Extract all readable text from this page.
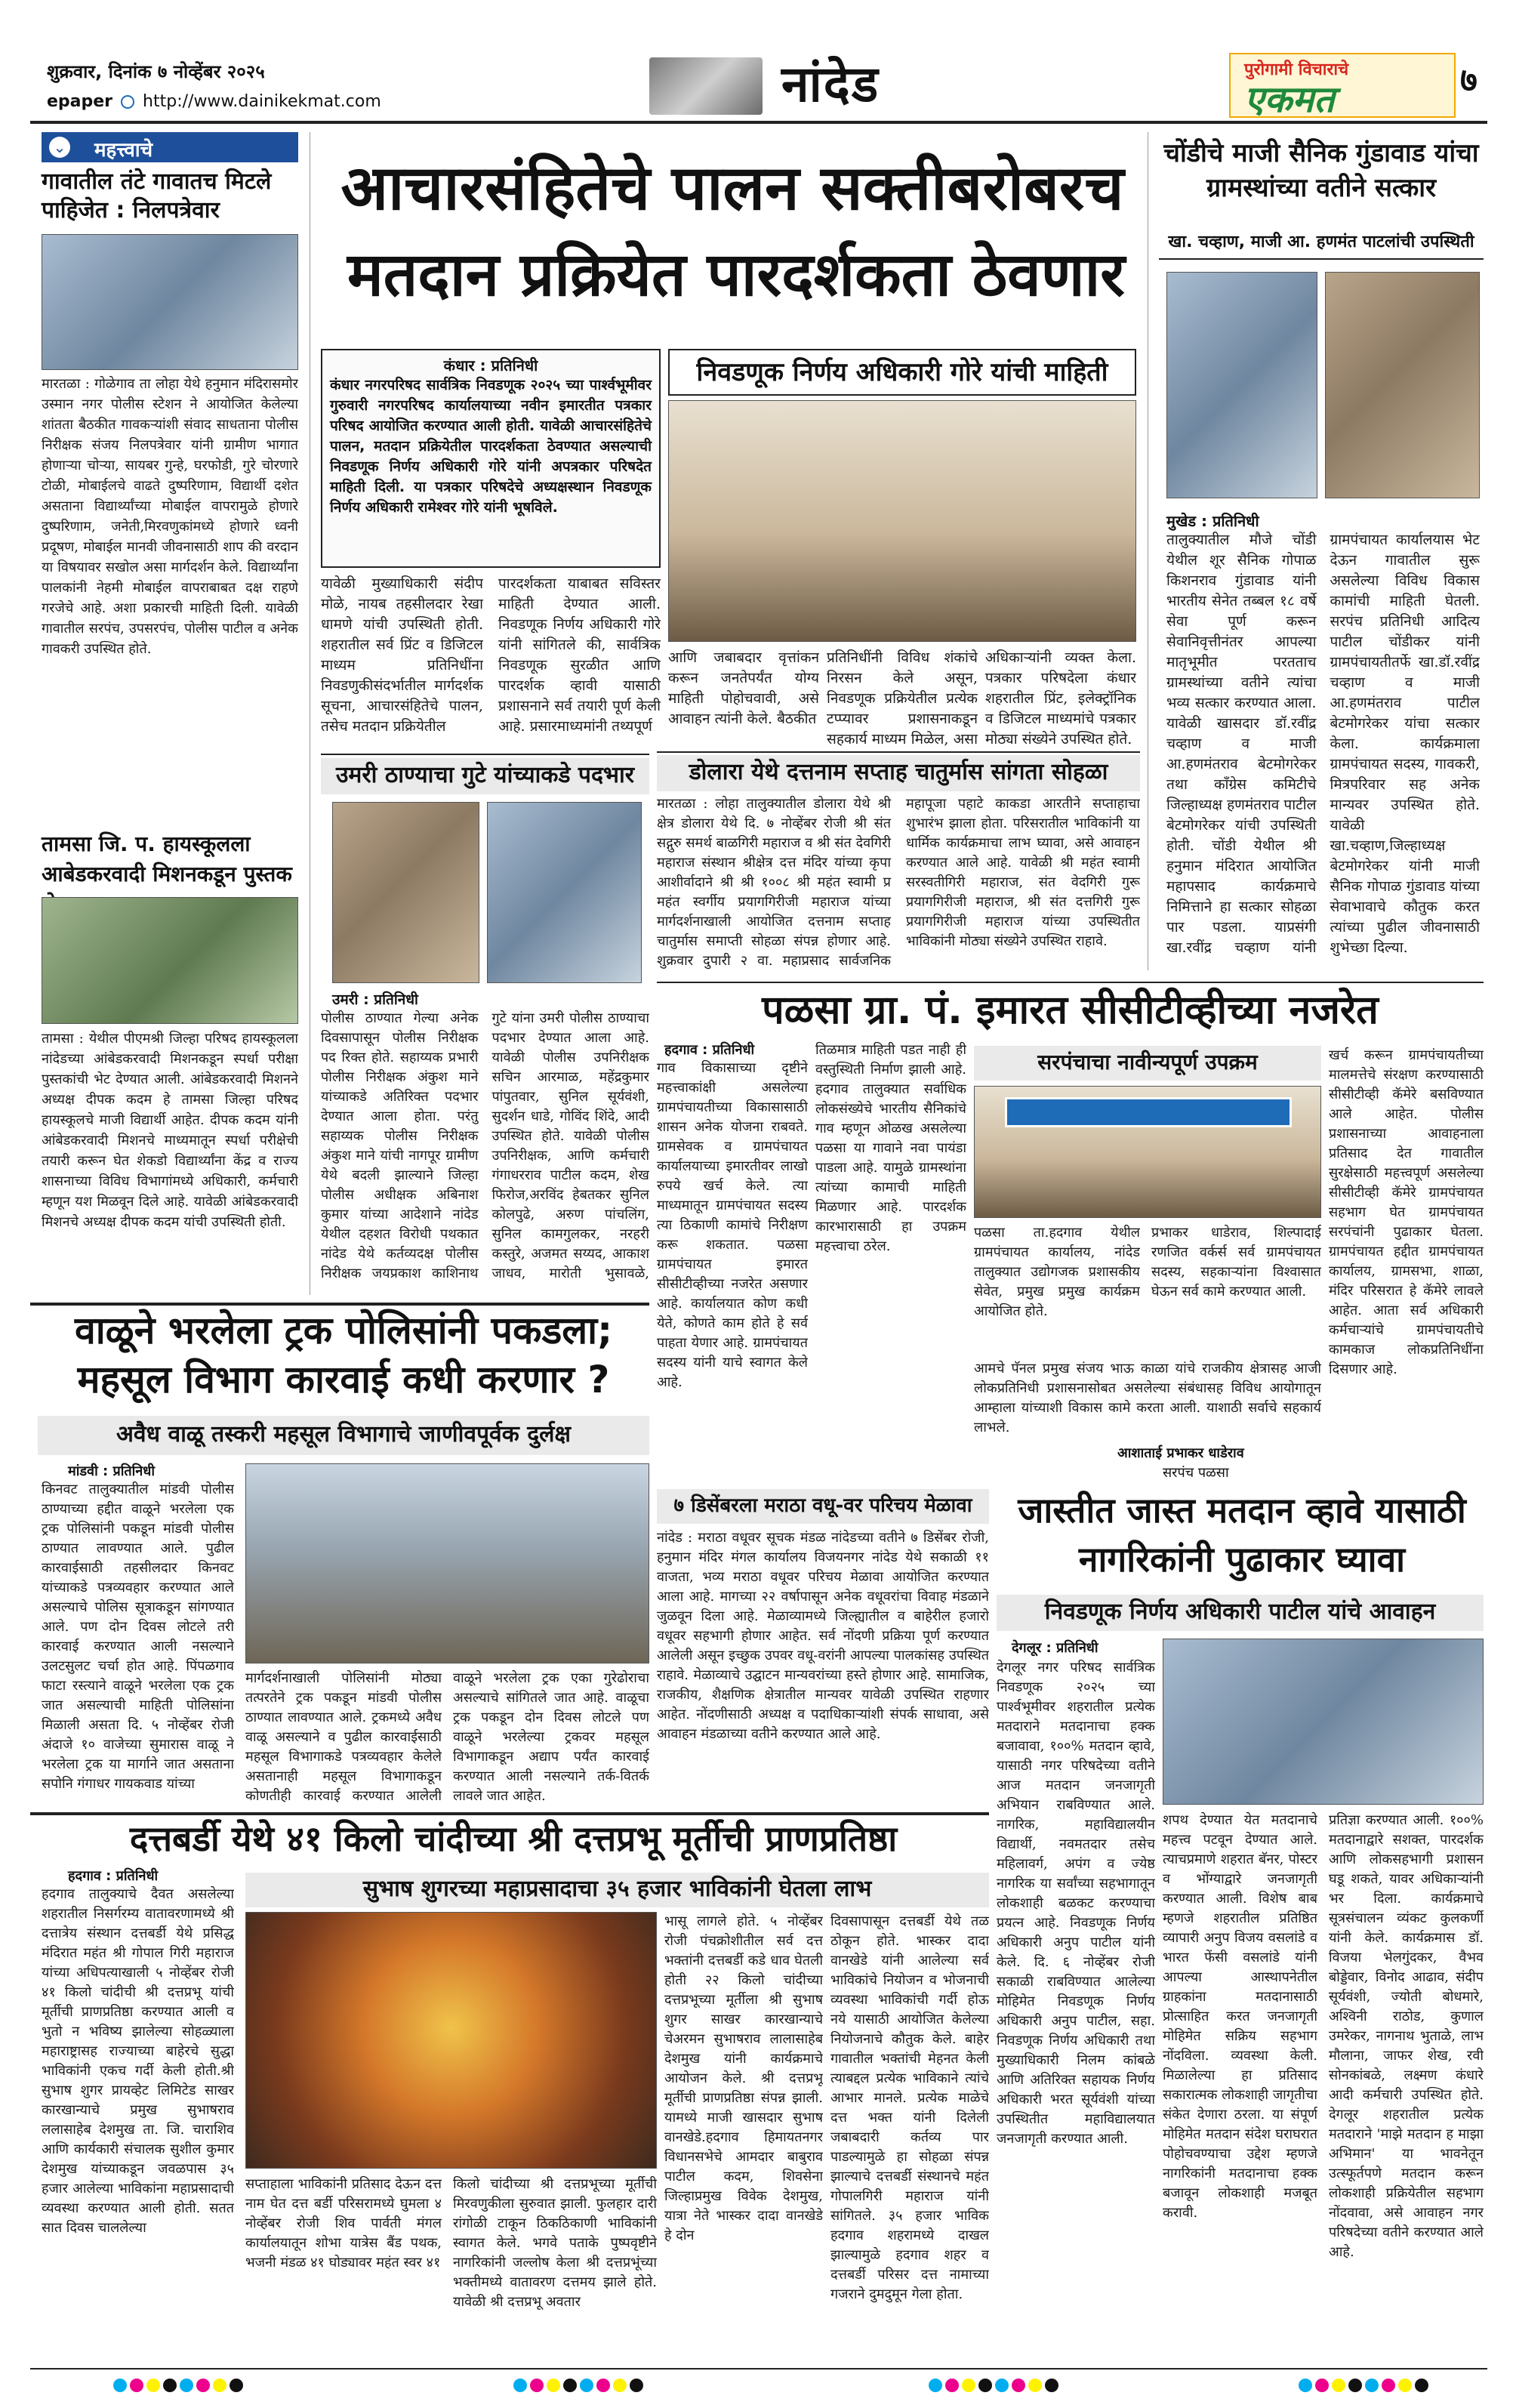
शुक्रवार, दिनांक ७ नोव्हेंबर २०२५
epaper http://www.dainikekmat.com	नांदेड	पुरोगामी विचाराचे
एकमत	७
⌄ महत्त्वाचे
गावातील तंटे गावातच मिटले पाहिजेत : निलपत्रेवार
मारतळा : गोळेगाव ता लोहा येथे हनुमान मंदिरासमोर उस्मान नगर पोलीस स्टेशन ने आयोजित केलेल्या शांतता बैठकीत गावकऱ्यांशी संवाद साधताना पोलीस निरीक्षक संजय निलपत्रेवार यांनी ग्रामीण भागात होणाऱ्या चोऱ्या, सायबर गुन्हे, घरफोडी, गुरे चोरणारे टोळी, मोबाईलचे वाढते दुष्परिणाम, विद्यार्थी दशेत असताना विद्यार्थ्यांच्या मोबाईल वापरामुळे होणारे दुष्परिणाम, जनेती,मिरवणुकांमध्ये होणारे ध्वनी प्रदूषण, मोबाईल मानवी जीवनासाठी शाप की वरदान या विषयावर सखोल असा मार्गदर्शन केले. विद्यार्थ्यांना पालकांनी नेहमी मोबाईल वापराबाबत दक्ष राहणे गरजेचे आहे. अशा प्रकारची माहिती दिली. यावेळी गावातील सरपंच, उपसरपंच, पोलीस पाटील व अनेक गावकरी उपस्थित होते.
तामसा जि. प. हायस्कूलला आबेडकरवादी मिशनकडून पुस्तक
तामसा : येथील पीएमश्री जिल्हा परिषद हायस्कूलला नांदेडच्या आंबेडकरवादी मिशनकडून स्पर्धा परीक्षा पुस्तकांची भेट देण्यात आली. आंबेडकरवादी मिशनने अध्यक्ष दीपक कदम हे तामसा जिल्हा परिषद हायस्कूलचे माजी विद्यार्थी आहेत. दीपक कदम यांनी आंबेडकरवादी मिशनचे माध्यमातून स्पर्धा परीक्षेची तयारी करून घेत शेकडो विद्यार्थ्यांना केंद्र व राज्य शासनाच्या विविध विभागांमध्ये अधिकारी, कर्मचारी म्हणून यश मिळवून दिले आहे. यावेळी आंबेडकरवादी मिशनचे अध्यक्ष दीपक कदम यांची उपस्थिती होती.
आचारसंहितेचे पालन सक्तीबरोबरच
मतदान प्रक्रियेत पारदर्शकता ठेवणार
कंधार : प्रतिनिधी
कंधार नगरपरिषद सार्वत्रिक निवडणूक २०२५ च्या पार्श्वभूमीवर गुरुवारी नगरपरिषद कार्यालयाच्या नवीन इमारतीत पत्रकार परिषद आयोजित करण्यात आली होती. यावेळी आचारसंहितेचे पालन, मतदान प्रक्रियेतील पारदर्शकता ठेवण्यात असल्याची निवडणूक निर्णय अधिकारी गोरे यांनी अपत्रकार परिषदेत माहिती दिली. या पत्रकार परिषदेचे अध्यक्षस्थान निवडणूक निर्णय अधिकारी रामेश्वर गोरे यांनी भूषविले.
निवडणूक निर्णय अधिकारी गोरे यांची माहिती
यावेळी मुख्याधिकारी संदीप मोळे, नायब तहसीलदार रेखा धामणे यांची उपस्थिती होती. शहरातील सर्व प्रिंट व डिजिटल माध्यम प्रतिनिधींना निवडणुकीसंदर्भातील मार्गदर्शक सूचना, आचारसंहितेचे पालन, तसेच मतदान प्रक्रियेतील
पारदर्शकता याबाबत सविस्तर माहिती देण्यात आली. निवडणूक निर्णय अधिकारी गोरे यांनी सांगितले की, सार्वत्रिक निवडणूक सुरळीत आणि पारदर्शक व्हावी यासाठी प्रशासनाने सर्व तयारी पूर्ण केली आहे. प्रसारमाध्यमांनी तथ्यपूर्ण
आणि जबाबदार वृत्तांकन करून जनतेपर्यंत योग्य माहिती पोहोचवावी, असे आवाहन त्यांनी केले. बैठकीत
प्रतिनिधींनी विविध शंकांचे निरसन केले असून, निवडणूक प्रक्रियेतील प्रत्येक टप्प्यावर प्रशासनाकडून सहकार्य माध्यम मिळेल, असा
अधिकाऱ्यांनी व्यक्त केला. पत्रकार परिषदेला कंधार शहरातील प्रिंट, इलेक्ट्रॉनिक व डिजिटल माध्यमांचे पत्रकार मोठ्या संख्येने उपस्थित होते.
चोंडीचे माजी सैनिक गुंडावाड यांचा ग्रामस्थांच्या वतीने सत्कार
खा. चव्हाण, माजी आ. हणमंत पाटलांची उपस्थिती
मुखेड : प्रतिनिधी
तालुक्यातील मौजे चोंडी येथील शूर सैनिक गोपाळ किशनराव गुंडावाड यांनी भारतीय सेनेत तब्बल १८ वर्षे सेवा पूर्ण करून सेवानिवृत्तीनंतर आपल्या मातृभूमीत परतताच ग्रामस्थांच्या वतीने त्यांचा भव्य सत्कार करण्यात आला. यावेळी खासदार डॉ.रवींद्र चव्हाण व माजी आ.हणमंतराव बेटमोगरेकर तथा काँग्रेस कमिटीचे जिल्हाध्यक्ष हणमंतराव पाटील बेटमोगरेकर यांची उपस्थिती होती. चोंडी येथील श्री हनुमान मंदिरात आयोजित महापसाद कार्यक्रमाचे निमित्ताने हा सत्कार सोहळा पार पडला. याप्रसंगी खा.रवींद्र चव्हाण यांनी ग्रामपंचायत कार्यालयास भेट देऊन गावातील सुरू असलेल्या विविध विकास कामांची माहिती घेतली. सरपंच प्रतिनिधी आदित्य पाटील चोंडीकर यांनी ग्रामपंचायतीतर्फे खा.डॉ.रवींद्र चव्हाण व माजी आ.हणमंतराव पाटील बेटमोगरेकर यांचा सत्कार केला. कार्यक्रमाला ग्रामपंचायत सदस्य, गावकरी, मित्रपरिवार सह अनेक मान्यवर उपस्थित होते. यावेळी खा.चव्हाण,जिल्हाध्यक्ष बेटमोगरेकर यांनी माजी सैनिक गोपाळ गुंडावाड यांच्या सेवाभावाचे कौतुक करत त्यांच्या पुढील जीवनासाठी शुभेच्छा दिल्या.
डोलारा येथे दत्तनाम सप्ताह चातुर्मास सांगता सोहळा
मारतळा : लोहा तालुक्यातील डोलारा येथे श्री क्षेत्र डोलारा येथे दि. ७ नोव्हेंबर रोजी श्री संत सद्गुरु समर्थ बाळगिरी महाराज व श्री संत देवगिरी महाराज संस्थान श्रीक्षेत्र दत्त मंदिर यांच्या कृपा आशीर्वादाने श्री श्री १००८ श्री महंत स्वामी प्र महंत स्वर्गीय प्रयागगिरीजी महाराज यांच्या मार्गदर्शनाखाली आयोजित दत्तनाम सप्ताह चातुर्मास समाप्ती सोहळा संपन्न होणार आहे. शुक्रवार दुपारी २ वा. महाप्रसाद सार्वजनिक महापूजा पहाटे काकडा आरतीने सप्ताहाचा शुभारंभ झाला होता. परिसरातील भाविकांनी या धार्मिक कार्यक्रमाचा लाभ घ्यावा, असे आवाहन करण्यात आले आहे. यावेळी श्री महंत स्वामी सरस्वतीगिरी महाराज, संत वेदगिरी गुरू प्रयागगिरीजी महाराज, श्री संत दत्तगिरी गुरू प्रयागगिरीजी महाराज यांच्या उपस्थितीत भाविकांनी मोठ्या संख्येने उपस्थित राहावे.
उमरी ठाण्याचा गुटे यांच्याकडे पदभार
उमरी : प्रतिनिधी
पोलीस ठाण्यात गेल्या अनेक दिवसापासून पोलीस निरीक्षक पद रिक्त होते. सहाय्यक प्रभारी पोलीस निरीक्षक अंकुश माने यांच्याकडे अतिरिक्त पदभार देण्यात आला होता. परंतु सहाय्यक पोलीस निरीक्षक अंकुश माने यांची नागपूर ग्रामीण येथे बदली झाल्याने जिल्हा पोलीस अधीक्षक अबिनाश कुमार यांच्या आदेशाने नांदेड येथील दहशत विरोधी पथकात नांदेड येथे कर्तव्यदक्ष पोलीस निरीक्षक जयप्रकाश काशिनाथ गुटे यांना उमरी पोलीस ठाण्याचा पदभार देण्यात आला आहे. यावेळी पोलीस उपनिरीक्षक सचिन आरमाळ, महेंद्रकुमार पांपुतवार, सुनिल सूर्यवंशी, सुदर्शन धाडे, गोविंद शिंदे, आदी उपस्थित होते. यावेळी पोलीस उपनिरीक्षक, आणि कर्मचारी गंगाधरराव पाटील कदम, शेख फिरोज,अरविंद हेबतकर सुनिल कोलपुढे, अरुण पांचलिंग, सुनिल कामगुलकर, नरहरी कस्तुरे, अजमत सय्यद, आकाश जाधव, मारोती भुसावळे,
पळसा ग्रा. पं. इमारत सीसीटीव्हीच्या नजरेत
हदगाव : प्रतिनिधी
गाव विकासाच्या दृष्टीने महत्त्वाकांक्षी असलेल्या ग्रामपंचायतीच्या विकासासाठी शासन अनेक योजना राबवते. ग्रामसेवक व ग्रामपंचायत कार्यालयाच्या इमारतीवर लाखो रुपये खर्च केले. त्या माध्यमातून ग्रामपंचायत सदस्य त्या ठिकाणी कामांचे निरीक्षण करू शकतात. पळसा ग्रामपंचायत इमारत सीसीटीव्हीच्या नजरेत असणार आहे. कार्यालयात कोण कधी येते, कोणते काम होते हे सर्व पाहता येणार आहे. ग्रामपंचायत सदस्य यांनी याचे स्वागत केले आहे.
तिळमात्र माहिती पडत नाही ही वस्तुस्थिती निर्माण झाली आहे. हदगाव तालुक्यात सर्वाधिक लोकसंख्येचे भारतीय सैनिकांचे गाव म्हणून ओळख असलेल्या पळसा या गावाने नवा पायंडा पाडला आहे. यामुळे ग्रामस्थांना त्यांच्या कामाची माहिती मिळणार आहे. पारदर्शक कारभारासाठी हा उपक्रम महत्त्वाचा ठरेल.
सरपंचाचा नावीन्यपूर्ण उपक्रम
पळसा ता.हदगाव येथील ग्रामपंचायत कार्यालय, नांदेड तालुक्यात उद्योगजक प्रशासकीय सेवेत, प्रमुख प्रमुख कार्यक्रम आयोजित होते.
प्रभाकर धाडेराव, शिल्पादाई रणजित वर्कर्स सर्व ग्रामपंचायत सदस्य, सहकाऱ्यांना विश्वासात घेऊन सर्व कामे करण्यात आली.
आमचे पॅनल प्रमुख संजय भाऊ काळा यांचे राजकीय क्षेत्रासह आजी लोकप्रतिनिधी प्रशासनासोबत असलेल्या संबंधासह विविध आयोगातून आम्हाला यांच्याशी विकास कामे करता आली. याशाठी सर्वाचे सहकार्य लाभले.
आशाताई प्रभाकर धाडेराव
सरपंच पळसा
खर्च करून ग्रामपंचायतीच्या मालमत्तेचे संरक्षण करण्यासाठी सीसीटीव्ही कॅमेरे बसविण्यात आले आहेत. पोलीस प्रशासनाच्या आवाहनाला प्रतिसाद देत गावातील सुरक्षेसाठी महत्त्वपूर्ण असलेल्या सीसीटीव्ही कॅमेरे ग्रामपंचायत सहभाग घेत ग्रामपंचायत सरपंचांनी पुढाकार घेतला. ग्रामपंचायत हद्दीत ग्रामपंचायत कार्यालय, ग्रामसभा, शाळा, मंदिर परिसरात हे कॅमेरे लावले आहेत. आता सर्व अधिकारी कर्मचाऱ्यांचे ग्रामपंचायतीचे कामकाज लोकप्रतिनिधींना दिसणार आहे.
वाळूने भरलेला ट्रक पोलिसांनी पकडला;
महसूल विभाग कारवाई कधी करणार ?
अवैध वाळू तस्करी महसूल विभागाचे जाणीवपूर्वक दुर्लक्ष
मांडवी : प्रतिनिधी
किनवट तालुक्यातील मांडवी पोलीस ठाण्याच्या हद्दीत वाळूने भरलेला एक ट्रक पोलिसांनी पकडून मांडवी पोलीस ठाण्यात लावण्यात आले. पुढील कारवाईसाठी तहसीलदार किनवट यांच्याकडे पत्रव्यवहार करण्यात आले असल्याचे पोलिस सूत्राकडून सांगण्यात आले. पण दोन दिवस लोटले तरी कारवाई करण्यात आली नसल्याने उलटसुलट चर्चा होत आहे. पिंपळगाव फाटा रस्त्याने वाळूने भरलेला एक ट्रक जात असल्याची माहिती पोलिसांना मिळाली असता दि. ५ नोव्हेंबर रोजी अंदाजे १० वाजेच्या सुमारास वाळू ने भरलेला ट्रक या मार्गाने जात असताना सपोनि गंगाधर गायकवाड यांच्या
मार्गदर्शनाखाली पोलिसांनी मोठ्या तत्परतेने ट्रक पकडून मांडवी पोलीस ठाण्यात लावण्यात आले. ट्रकमध्ये अवैध वाळू असल्याने व पुढील कारवाईसाठी महसूल विभागाकडे पत्रव्यवहार केलेले असतानाही महसूल विभागाकडून कोणतीही कारवाई करण्यात आलेली
वाळूने भरलेला ट्रक एका गुरेढोराचा असल्याचे सांगितले जात आहे. वाळूचा ट्रक पकडून दोन दिवस लोटले पण वाळूने भरलेल्या ट्रकवर महसूल विभागाकडून अद्याप पर्यंत कारवाई करण्यात आली नसल्याने तर्क-वितर्क लावले जात आहेत.
७ डिसेंबरला मराठा वधू-वर परिचय मेळावा
नांदेड : मराठा वधूवर सूचक मंडळ नांदेडच्या वतीने ७ डिसेंबर रोजी, हनुमान मंदिर मंगल कार्यालय विजयनगर नांदेड येथे सकाळी ११ वाजता, भव्य मराठा वधूवर परिचय मेळावा आयोजित करण्यात आला आहे. मागच्या २२ वर्षापासून अनेक वधूवरांचा विवाह मंडळाने जुळवून दिला आहे. मेळाव्यामध्ये जिल्ह्यातील व बाहेरील हजारो वधूवर सहभागी होणार आहेत. सर्व नोंदणी प्रक्रिया पूर्ण करण्यात आलेली असून इच्छुक उपवर वधू-वरांनी आपल्या पालकांसह उपस्थित राहावे. मेळाव्याचे उद्घाटन मान्यवरांच्या हस्ते होणार आहे. सामाजिक, राजकीय, शैक्षणिक क्षेत्रातील मान्यवर यावेळी उपस्थित राहणार आहेत. नोंदणीसाठी अध्यक्ष व पदाधिकाऱ्यांशी संपर्क साधावा, असे आवाहन मंडळाच्या वतीने करण्यात आले आहे.
जास्तीत जास्त मतदान व्हावे यासाठी
नागरिकांनी पुढाकार घ्यावा
निवडणूक निर्णय अधिकारी पाटील यांचे आवाहन
देगलूर : प्रतिनिधी
देगलूर नगर परिषद सार्वत्रिक निवडणूक २०२५ च्या पार्श्वभूमीवर शहरातील प्रत्येक मतदाराने मतदानाचा हक्क बजावावा, १००% मतदान व्हावे, यासाठी नगर परिषदेच्या वतीने आज मतदान जनजागृती अभियान राबविण्यात आले. नागरिक, महाविद्यालयीन विद्यार्थी, नवमतदार तसेच महिलावर्ग, अपंग व ज्येष्ठ नागरिक या सर्वांच्या सहभागातून लोकशाही बळकट करण्याचा प्रयत्न आहे. निवडणूक निर्णय अधिकारी अनुप पाटील यांनी केले. दि. ६ नोव्हेंबर रोजी सकाळी राबविण्यात आलेल्या मोहिमेत निवडणूक निर्णय अधिकारी अनुप पाटील, सहा. निवडणूक निर्णय अधिकारी तथा मुख्याधिकारी निलम कांबळे आणि अतिरिक्त सहायक निर्णय अधिकारी भरत सूर्यवंशी यांच्या उपस्थितीत महाविद्यालयात जनजागृती करण्यात आली.
शपथ देण्यात येत मतदानाचे महत्त्व पटवून देण्यात आले. त्याचप्रमाणे शहरात बॅनर, पोस्टर व भोंग्याद्वारे जनजागृती करण्यात आली. विशेष बाब म्हणजे शहरातील प्रतिष्ठित व्यापारी अनुप विजय वसलांडे व भारत फेंसी वसलांडे यांनी आपल्या आस्थापनेतील ग्राहकांना मतदानासाठी प्रोत्साहित करत जनजागृती मोहिमेत सक्रिय सहभाग नोंदविला. व्यवस्था केली. मिळालेल्या हा प्रतिसाद सकारात्मक लोकशाही जागृतीचा संकेत देणारा ठरला. या संपूर्ण मोहिमेत मतदान संदेश घराघरात पोहोचवण्याचा उद्देश म्हणजे नागरिकांनी मतदानाचा हक्क बजावून लोकशाही मजबूत करावी.
प्रतिज्ञा करण्यात आली. १००% मतदानाद्वारे सशक्त, पारदर्शक आणि लोकसहभागी प्रशासन घडू शकते, यावर अधिकाऱ्यांनी भर दिला. कार्यक्रमाचे सूत्रसंचालन व्यंकट कुलकर्णी यांनी केले. कार्यक्रमास डॉ. विजया भेलगुंदकर, वैभव बोड्डेवार, विनोद आढाव, संदीप सूर्यवंशी, ज्योती बोधमारे, अश्विनी राठोड, कुणाल उमरेकर, नागनाथ भुताळे, लाभ मौलाना, जाफर शेख, रवी सोनकांबळे, लक्ष्मण कंधारे आदी कर्मचारी उपस्थित होते. देगलूर शहरातील प्रत्येक मतदाराने 'माझे मतदान ह माझा अभिमान' या भावनेतून उत्स्फूर्तपणे मतदान करून लोकशाही प्रक्रियेतील सहभाग नोंदवावा, असे आवाहन नगर परिषदेच्या वतीने करण्यात आले आहे.
दत्तबर्डी येथे ४१ किलो चांदीच्या श्री दत्तप्रभू मूर्तीची प्राणप्रतिष्ठा
हदगाव : प्रतिनिधी
हदगाव तालुक्याचे दैवत असलेल्या शहरातील निसर्गरम्य वातावरणामध्ये श्री दत्तात्रेय संस्थान दत्तबर्डी येथे प्रसिद्ध मंदिरात महंत श्री गोपाल गिरी महाराज यांच्या अधिपत्याखाली ५ नोव्हेंबर रोजी ४१ किलो चांदीची श्री दत्तप्रभू यांची मूर्तीची प्राणप्रतिष्ठा करण्यात आली व भुतो न भविष्य झालेल्या सोहळ्याला महाराष्ट्रासह राज्याच्या बाहेरचे सुद्धा भाविकांनी एकच गर्दी केली होती.श्री सुभाष शुगर प्रायव्हेट लिमिटेड साखर कारखान्याचे प्रमुख सुभाषराव ललासाहेब देशमुख ता. जि. चाराशिव आणि कार्यकारी संचालक सुशील कुमार देशमुख यांच्याकडून जवळपास ३५ हजार आलेल्या भाविकांना महाप्रसादाची व्यवस्था करण्यात आली होती. सतत सात दिवस चाललेल्या
सुभाष शुगरच्या महाप्रसादाचा ३५ हजार भाविकांनी घेतला लाभ
सप्ताहाला भाविकांनी प्रतिसाद देऊन दत्त नाम घेत दत्त बर्डी परिसरामध्ये घुमला ४ नोव्हेंबर रोजी शिव पार्वती मंगल कार्यालयातून शोभा यात्रेस बैंड पथक, भजनी मंडळ ४१ घोड्यावर महंत स्वर ४१
किलो चांदीच्या श्री दत्तप्रभूच्या मूर्तीची मिरवणुकीला सुरुवात झाली. फुलहार दारी रांगोळी टाकून ठिकठिकाणी भाविकांनी स्वागत केले. भगवे पताके पुष्पवृष्टीने नागरिकांनी जल्लोष केला श्री दत्तप्रभूंच्या भक्तीमध्ये वातावरण दत्तमय झाले होते. यावेळी श्री दत्तप्रभू अवतार
भासू लागले होते. ५ नोव्हेंबर रोजी पंचक्रोशीतील सर्व दत्त भक्तांनी दत्तबर्डी कडे धाव घेतली होती २२ किलो चांदीच्या दत्तप्रभूच्या मूर्तीला श्री सुभाष शुगर साखर कारखान्याचे चेअरमन सुभाषराव लालासाहेब देशमुख यांनी कार्यक्रमाचे आयोजन केले. श्री दत्तप्रभू मूर्तीची प्राणप्रतिष्ठा संपन्न झाली. यामध्ये माजी खासदार सुभाष वानखेडे.हदगाव हिमायतनगर विधानसभेचे आमदार बाबुराव पाटील कदम, शिवसेना जिल्हाप्रमुख विवेक देशमुख, यात्रा नेते भास्कर दादा वानखेडे हे दोन
दिवसापासून दत्तबर्डी येथे तळ ठोकून होते. भास्कर दादा वानखेडे यांनी आलेल्या सर्व भाविकांचे नियोजन व भोजनाची व्यवस्था भाविकांची गर्दी होऊ नये यासाठी आयोजित केलेल्या नियोजनाचे कौतुक केले. बाहेर गावातील भक्तांची मेहनत केली त्याबद्दल प्रत्येक भाविकाने त्यांचे आभार मानले. प्रत्येक माळेचे दत्त भक्त यांनी दिलेली जबाबदारी कर्तव्य पार पाडल्यामुळे हा सोहळा संपन्न झाल्याचे दत्तबर्डी संस्थानचे महंत गोपालगिरी महाराज यांनी सांगितले. ३५ हजार भाविक हदगाव शहरामध्ये दाखल झाल्यामुळे हदगाव शहर व दत्तबर्डी परिसर दत्त नामाच्या गजराने दुमदुमून गेला होता.
